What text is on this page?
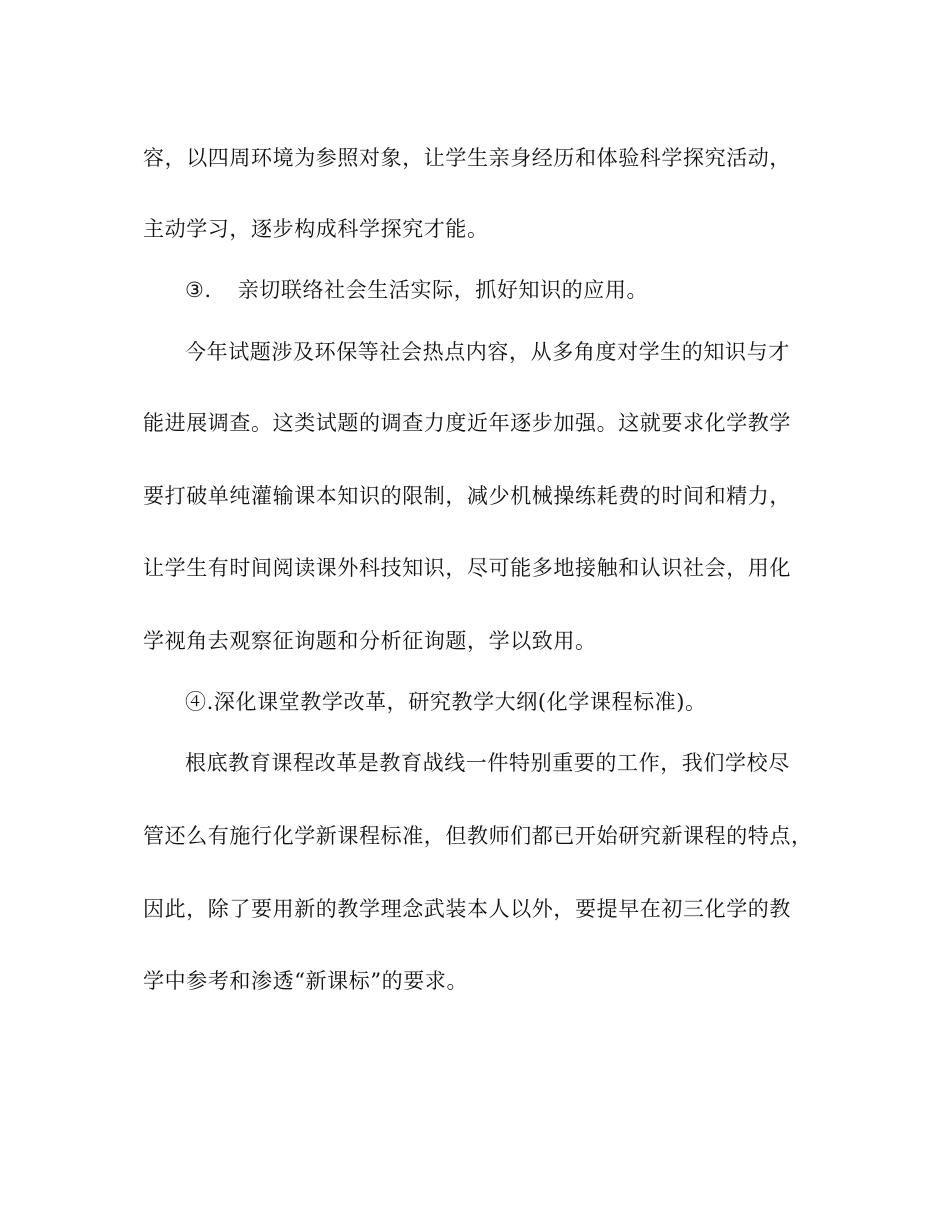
容，以四周环境为参照对象，让学生亲身经历和体验科学探究活动，
主动学习，逐步构成科学探究才能。
③. 亲切联络社会生活实际，抓好知识的应用。
今年试题涉及环保等社会热点内容，从多角度对学生的知识与才
能进展调查。这类试题的调查力度近年逐步加强。这就要求化学教学
要打破单纯灌输课本知识的限制，减少机械操练耗费的时间和精力，
让学生有时间阅读课外科技知识，尽可能多地接触和认识社会，用化
学视角去观察征询题和分析征询题，学以致用。
④.深化课堂教学改革，研究教学大纲(化学课程标准)。
根底教育课程改革是教育战线一件特别重要的工作，我们学校尽
管还么有施行化学新课程标准，但教师们都已开始研究新课程的特点，
因此，除了要用新的教学理念武装本人以外，要提早在初三化学的教
学中参考和渗透“新课标”的要求。
